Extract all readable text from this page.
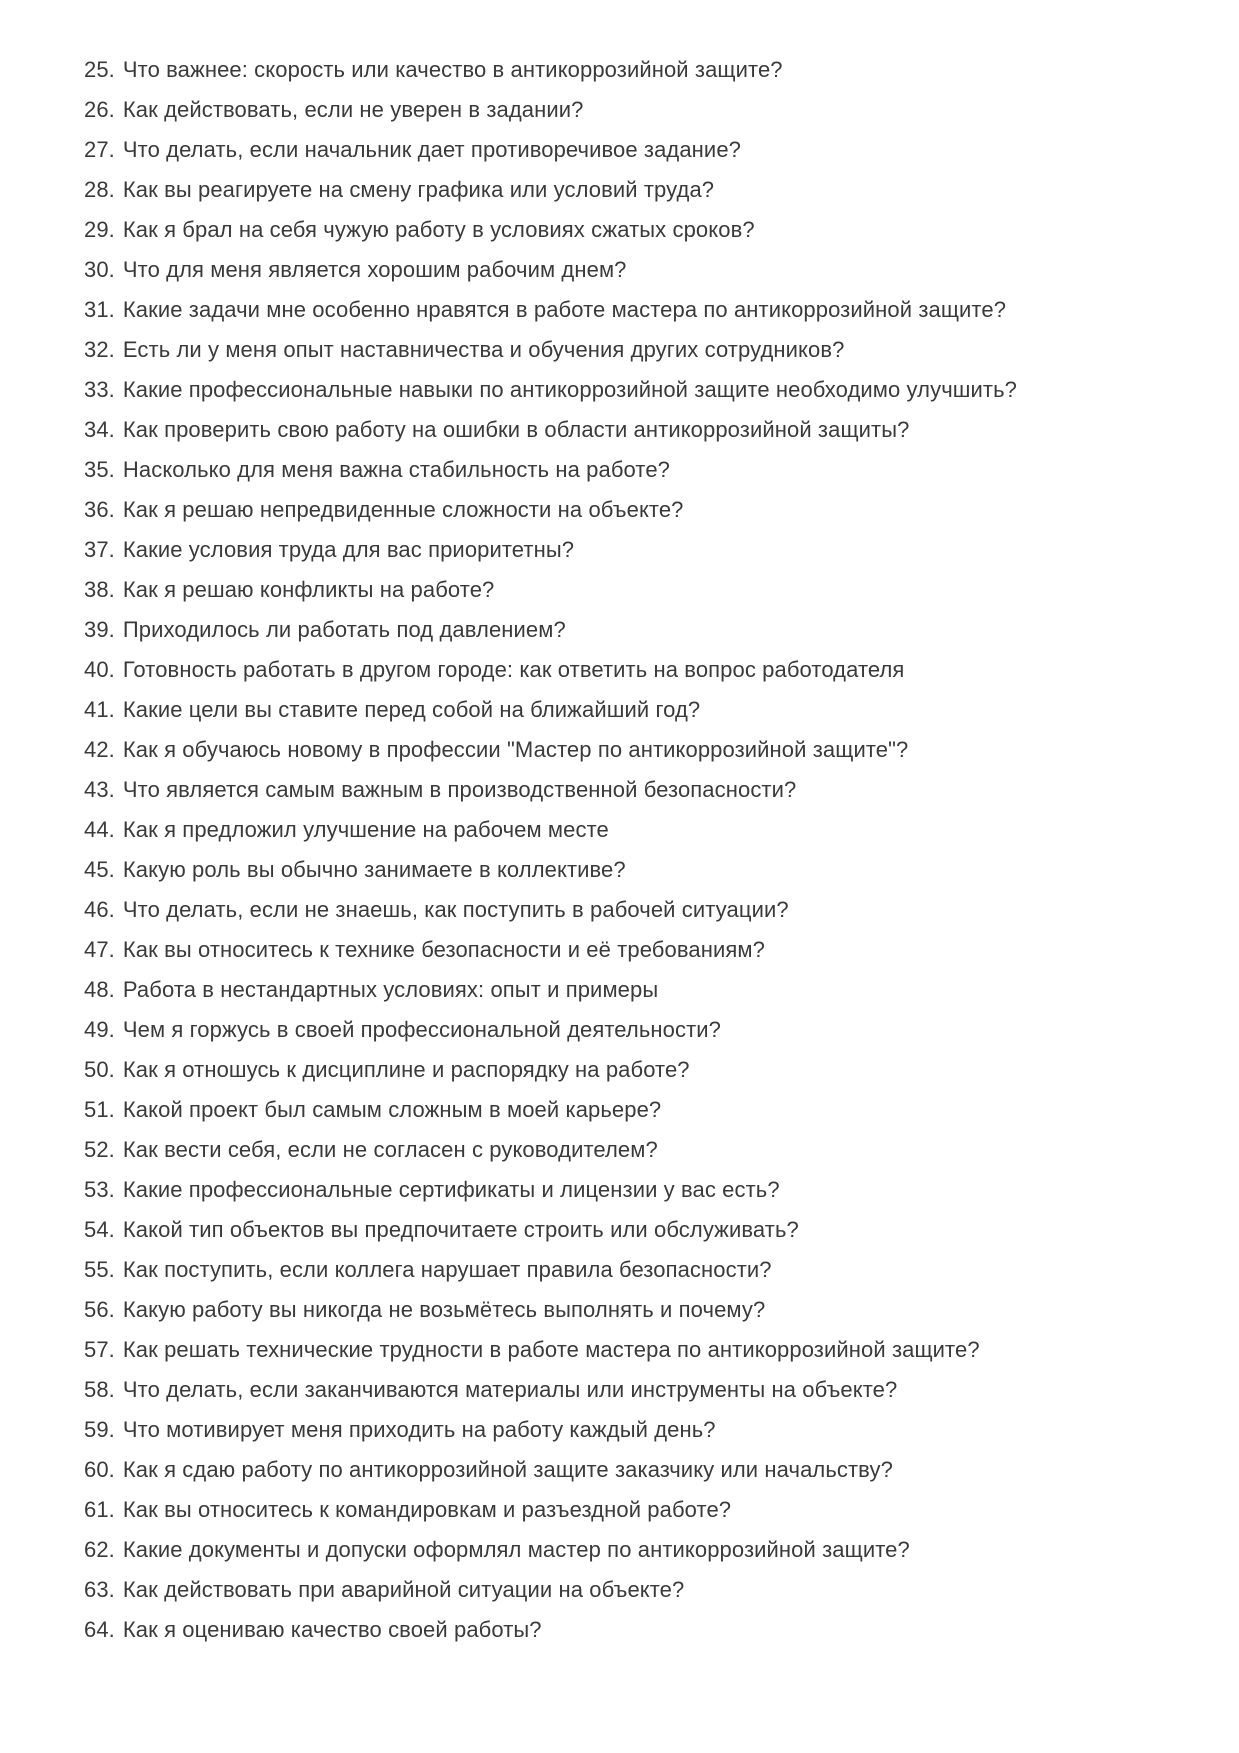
25. Что важнее: скорость или качество в антикоррозийной защите?
26. Как действовать, если не уверен в задании?
27. Что делать, если начальник дает противоречивое задание?
28. Как вы реагируете на смену графика или условий труда?
29. Как я брал на себя чужую работу в условиях сжатых сроков?
30. Что для меня является хорошим рабочим днем?
31. Какие задачи мне особенно нравятся в работе мастера по антикоррозийной защите?
32. Есть ли у меня опыт наставничества и обучения других сотрудников?
33. Какие профессиональные навыки по антикоррозийной защите необходимо улучшить?
34. Как проверить свою работу на ошибки в области антикоррозийной защиты?
35. Насколько для меня важна стабильность на работе?
36. Как я решаю непредвиденные сложности на объекте?
37. Какие условия труда для вас приоритетны?
38. Как я решаю конфликты на работе?
39. Приходилось ли работать под давлением?
40. Готовность работать в другом городе: как ответить на вопрос работодателя
41. Какие цели вы ставите перед собой на ближайший год?
42. Как я обучаюсь новому в профессии "Мастер по антикоррозийной защите"?
43. Что является самым важным в производственной безопасности?
44. Как я предложил улучшение на рабочем месте
45. Какую роль вы обычно занимаете в коллективе?
46. Что делать, если не знаешь, как поступить в рабочей ситуации?
47. Как вы относитесь к технике безопасности и её требованиям?
48. Работа в нестандартных условиях: опыт и примеры
49. Чем я горжусь в своей профессиональной деятельности?
50. Как я отношусь к дисциплине и распорядку на работе?
51. Какой проект был самым сложным в моей карьере?
52. Как вести себя, если не согласен с руководителем?
53. Какие профессиональные сертификаты и лицензии у вас есть?
54. Какой тип объектов вы предпочитаете строить или обслуживать?
55. Как поступить, если коллега нарушает правила безопасности?
56. Какую работу вы никогда не возьмётесь выполнять и почему?
57. Как решать технические трудности в работе мастера по антикоррозийной защите?
58. Что делать, если заканчиваются материалы или инструменты на объекте?
59. Что мотивирует меня приходить на работу каждый день?
60. Как я сдаю работу по антикоррозийной защите заказчику или начальству?
61. Как вы относитесь к командировкам и разъездной работе?
62. Какие документы и допуски оформлял мастер по антикоррозийной защите?
63. Как действовать при аварийной ситуации на объекте?
64. Как я оцениваю качество своей работы?
